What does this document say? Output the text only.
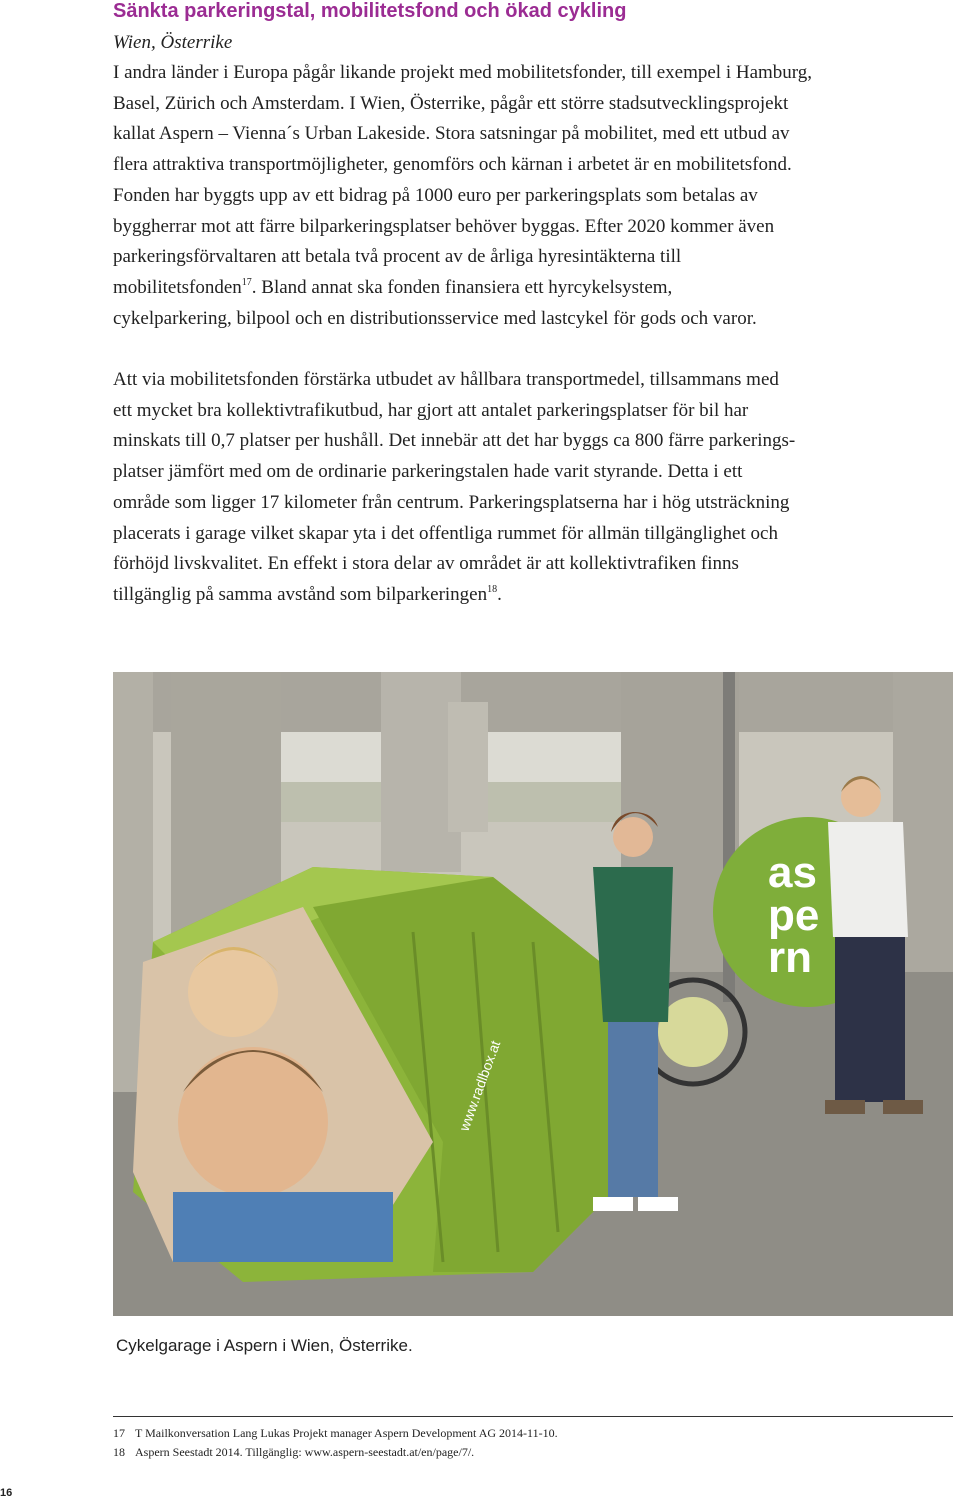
Sänkta parkeringstal, mobilitetsfond och ökad cykling
Wien, Österrike

I andra länder i Europa pågår likande projekt med mobilitetsfonder, till exempel i Hamburg,
Basel, Zürich och Amsterdam. I Wien, Österrike, pågår ett större stadsutvecklingsprojekt
kallat Aspern – Vienna´s Urban Lakeside. Stora satsningar på mobilitet, med ett utbud av
flera attraktiva transportmöjligheter, genomförs och kärnan i arbetet är en mobilitetsfond.
Fonden har byggts upp av ett bidrag på 1000 euro per parkeringsplats som betalas av
byggherrar mot att färre bilparkeringsplatser behöver byggas. Efter 2020 kommer även
parkeringsförvaltaren att betala två procent av de årliga hyresintäkterna till
mobilitetsfonden$^{17}$. Bland annat ska fonden finansiera ett hyrcykelsystem,
cykelparkering, bilpool och en distributionsservice med lastcykel för gods och varor.

Att via mobilitetsfonden förstärka utbudet av hållbara transportmedel, tillsammans med
ett mycket bra kollektivtrafikutbud, har gjort att antalet parkeringsplatser för bil har
minskats till 0,7 platser per hushåll. Det innebär att det har byggs ca 800 färre parkerings-
platser jämfört med om de ordinarie parkeringstalen hade varit styrande. Detta i ett
område som ligger 17 kilometer från centrum. Parkeringsplatserna har i hög utsträckning
placerats i garage vilket skapar yta i det offentliga rummet för allmän tillgänglighet och
förhöjd livskvalitet. En effekt i stora delar av området är att kollektivtrafiken finns
tillgänglig på samma avstånd som bilparkeringen$^{18}$.

as
pe
rn
www.radlbox.at
Cykelgarage i Aspern i Wien, Österrike.
17 T Mailkonversation Lang Lukas Projekt manager Aspern Development AG 2014-11-10.
18 Aspern Seestadt 2014. Tillgänglig: www.aspern-seestadt.at/en/page/7/.
16
